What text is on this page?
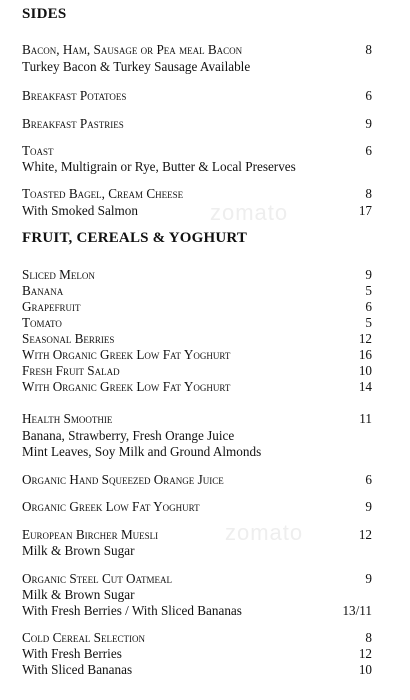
zomato
zomato
SIDES
Bacon, Ham, Sausage or Pea meal Bacon	8
Turkey Bacon & Turkey Sausage Available
Breakfast Potatoes	6
Breakfast Pastries	9
Toast	6
White, Multigrain or Rye, Butter & Local Preserves
Toasted Bagel, Cream Cheese	8
With Smoked Salmon	17
FRUIT, CEREALS & YOGHURT
Sliced Melon	9
Banana	5
Grapefruit	6
Tomato	5
Seasonal Berries	12
With Organic Greek Low Fat Yoghurt	16
Fresh Fruit Salad	10
With Organic Greek Low Fat Yoghurt	14
Health Smoothie	11
Banana, Strawberry, Fresh Orange Juice
Mint Leaves, Soy Milk and Ground Almonds
Organic Hand Squeezed Orange Juice	6
Organic Greek Low Fat Yoghurt	9
European Bircher Muesli	12
Milk & Brown Sugar
Organic Steel Cut Oatmeal	9
Milk & Brown Sugar
With Fresh Berries / With Sliced Bananas	13/11
Cold Cereal Selection	8
With Fresh Berries	12
With Sliced Bananas	10
